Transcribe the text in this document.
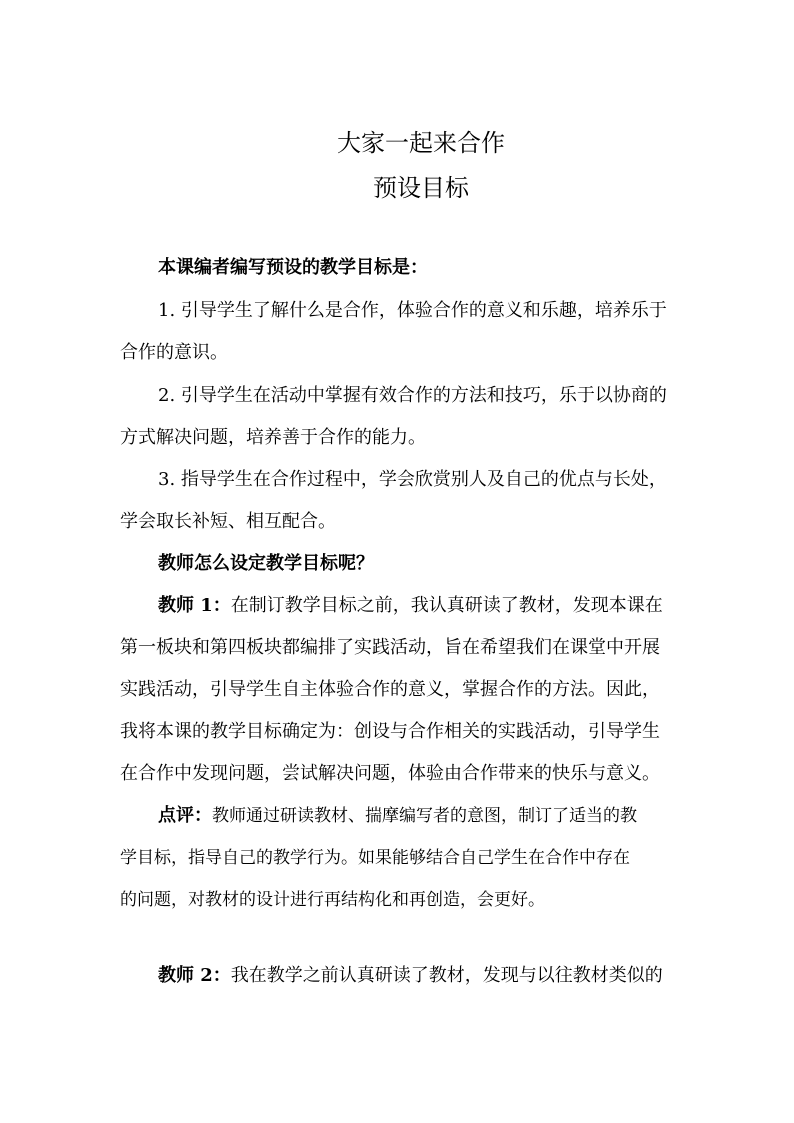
大家一起来合作
预设目标

本课编者编写预设的教学目标是：

1. 引导学生了解什么是合作，体验合作的意义和乐趣，培养乐于

合作的意识。

2. 引导学生在活动中掌握有效合作的方法和技巧，乐于以协商的

方式解决问题，培养善于合作的能力。

3. 指导学生在合作过程中，学会欣赏别人及自己的优点与长处，

学会取长补短、相互配合。

教师怎么设定教学目标呢？

教师 1：在制订教学目标之前，我认真研读了教材，发现本课在

第一板块和第四板块都编排了实践活动，旨在希望我们在课堂中开展

实践活动，引导学生自主体验合作的意义，掌握合作的方法。因此，

我将本课的教学目标确定为：创设与合作相关的实践活动，引导学生

在合作中发现问题，尝试解决问题，体验由合作带来的快乐与意义。

点评：教师通过研读教材、揣摩编写者的意图，制订了适当的教

学目标，指导自己的教学行为。如果能够结合自己学生在合作中存在

的问题，对教材的设计进行再结构化和再创造，会更好。

教师 2：我在教学之前认真研读了教材，发现与以往教材类似的
